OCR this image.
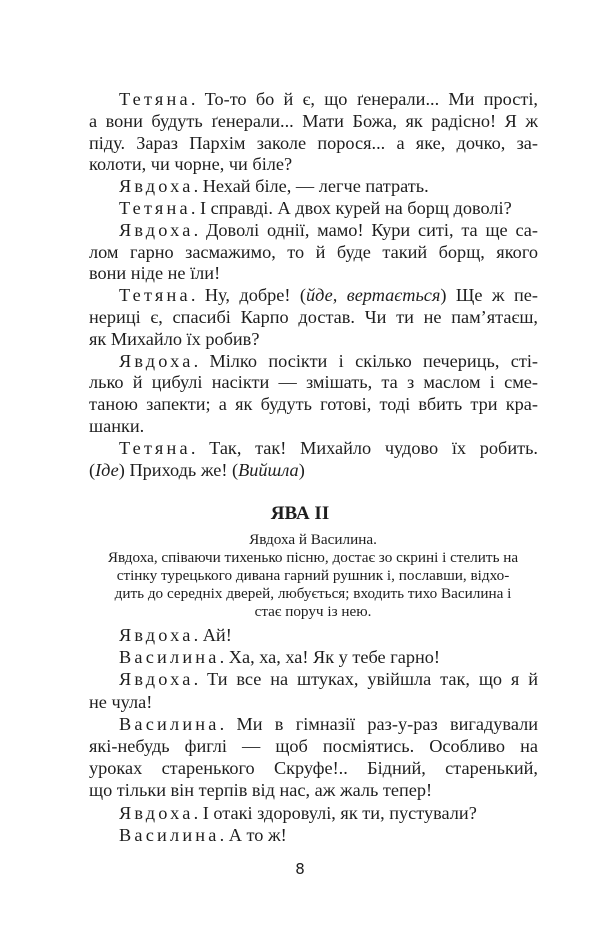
Тетяна. То-то бо й є, що ґенерали... Ми прості,
а вони будуть ґенерали... Мати Божа, як радісно! Я ж
піду. Зараз Пархім заколе порося... а яке, дочко, за-
колоти, чи чорне, чи біле?
Явдоха. Нехай біле, — легче патрать.
Тетяна. І справді. А двох курей на борщ доволі?
Явдоха. Доволі однії, мамо! Кури ситі, та ще са-
лом гарно засмажимо, то й буде такий борщ, якого
вони ніде не їли!
Тетяна. Ну, добре! (йде, вертається) Ще ж пе-
нерицi є, спасибі Карпо достав. Чи ти не пам’ятаєш,
як Михайло їх робив?
Явдоха. Мілко посікти і скілько печериць, сті-
лько й цибулі насікти — змішать, та з маслом і сме-
таною запекти; а як будуть готові, тоді вбить три кра-
шанки.
Тетяна. Так, так! Михайло чудово їх робить.
(Іде) Приходь же! (Вийшла)
ЯВА II
Явдоха й Василина.
Явдоха, співаючи тихенько пісню, достає зо скрині і стелить на
стінку турецького дивана гарний рушник і, пославши, відхо-
дить до середніх дверей, любується; входить тихо Василина і
стає поруч із нею.
Явдоха. Ай!
Василина. Ха, ха, ха! Як у тебе гарно!
Явдоха. Ти все на штуках, увійшла так, що я й
не чула!
Василина. Ми в гімназії раз-у-раз вигадували
які-небудь фиглі — щоб посміятись. Особливо на
уроках старенького Скруфе!.. Бідний, старенький,
що тільки він терпів від нас, аж жаль тепер!
Явдоха. І отакі здоровулі, як ти, пустували?
Василина. А то ж!
8
